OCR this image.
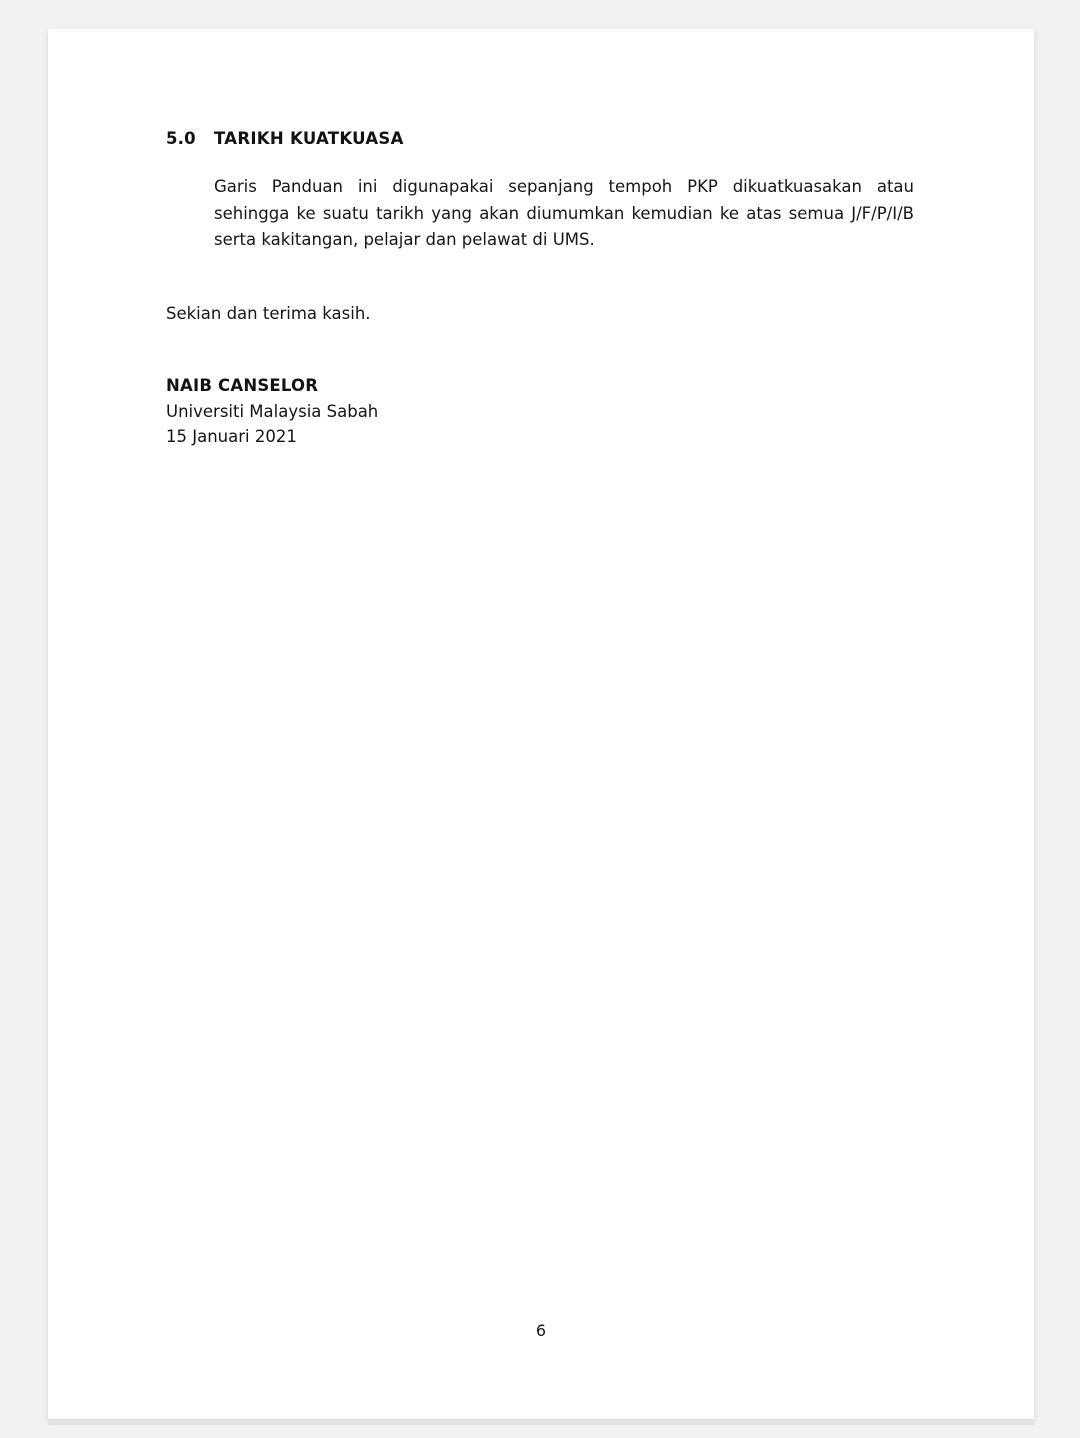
5.0	TARIKH KUATKUASA

Garis Panduan ini digunapakai sepanjang tempoh PKP dikuatkuasakan atau sehingga ke suatu tarikh yang akan diumumkan kemudian ke atas semua J/F/P/I/B serta kakitangan, pelajar dan pelawat di UMS.

Sekian dan terima kasih.

NAIB CANSELOR
Universiti Malaysia Sabah
15 Januari 2021
6
